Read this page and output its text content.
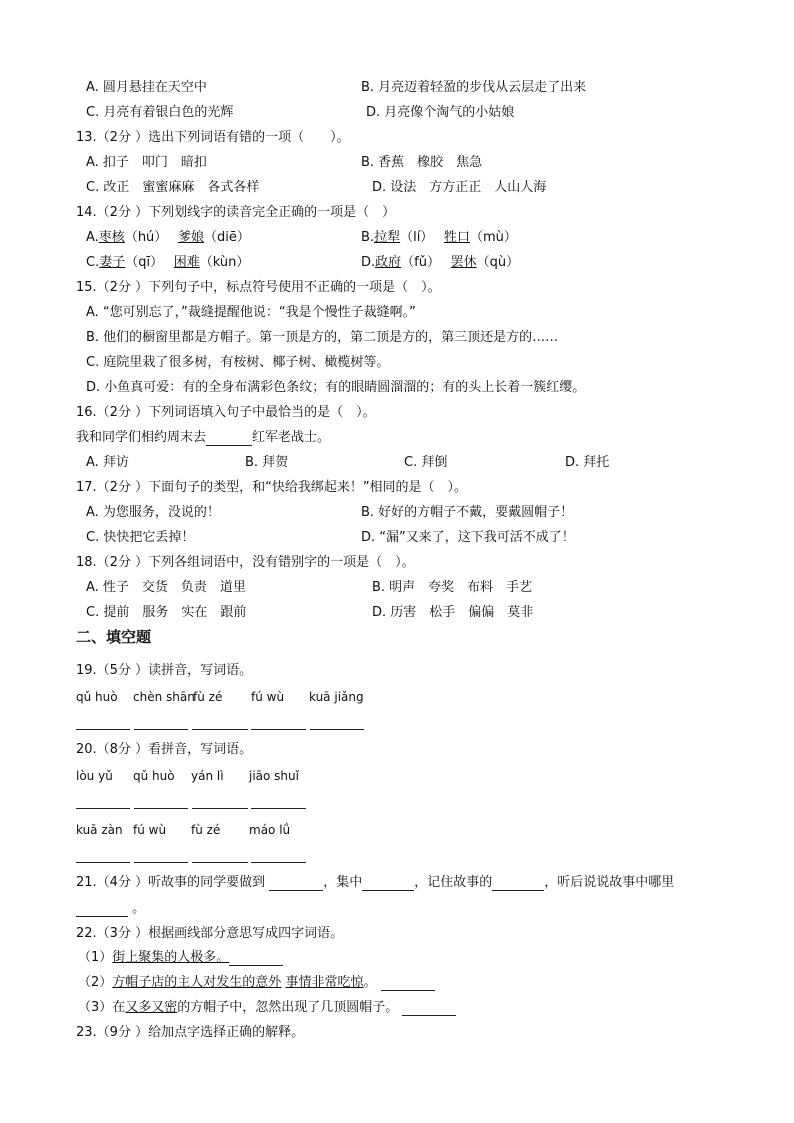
A. 圆月悬挂在天空中	B. 月亮迈着轻盈的步伐从云层走了出来
C. 月亮有着银白色的光辉	D. 月亮像个淘气的小姑娘
13.（2分 ）选出下列词语有错的一项（　　）。
A. 扣子　叩门　暗扣	B. 香蕉　橡胶　焦急
C. 改正　蜜蜜麻麻　各式各样	D. 设法　方方正正　人山人海
14.（2分 ）下列划线字的读音完全正确的一项是（　）
A.枣核（hú）　 爹娘（diē）	B.拉犁（lí）　 牲口（mù）
C.妻子（qī）　 困难（kùn）	D.政府（fǔ）　 罢休（qù）
15.（2分 ）下列句子中，标点符号使用不正确的一项是（　）。
A. “您可别忘了，”裁缝提醒他说：“我是个慢性子裁缝啊。”
B. 他们的橱窗里都是方帽子。第一顶是方的，第二顶是方的，第三顶还是方的……
C. 庭院里栽了很多树，有桉树、椰子树、橄榄树等。
D. 小鱼真可爱：有的全身布满彩色条纹；有的眼睛圆溜溜的；有的头上长着一簇红缨。
16.（2分 ）下列词语填入句子中最恰当的是（　）。
我和同学们相约周末去	红军老战士。
A. 拜访	B. 拜贺	C. 拜倒	D. 拜托
17.（2分 ）下面句子的类型，和“快给我绑起来！”相同的是（　）。
A. 为您服务，没说的！	B. 好好的方帽子不戴，要戴圆帽子！
C. 快快把它丢掉！	D. “漏”又来了，这下我可活不成了！
18.（2分 ）下列各组词语中，没有错别字的一项是（　）。
A. 性子　交货　负责　道里	B. 明声　夸奖　布料　手艺
C. 提前　服务　实在　跟前	D. 历害　松手　偏偏　莫非
二、填空题
19.（5分 ）读拼音，写词语。
qǔ huò chèn shān
fù zé fú wù kuā jiǎng
20.（8分 ）看拼音，写词语。
lòu yǔ qǔ huò yán lì jiāo shuǐ
kuā zàn fú wù fù zé máo lǘ
21.（4分 ）听故事的同学要做到	，集中	，记住故事的	，听后说说故事中哪里
。
22.（3分 ）根据画线部分意思写成四字词语。
（1）街上聚集的人极多。
（2）方帽子店的主人对发生的意外 事情非常吃惊。
（3）在又多又密的方帽子中，忽然出现了几顶圆帽子。
23.（9分 ）给加点字选择正确的解释。
